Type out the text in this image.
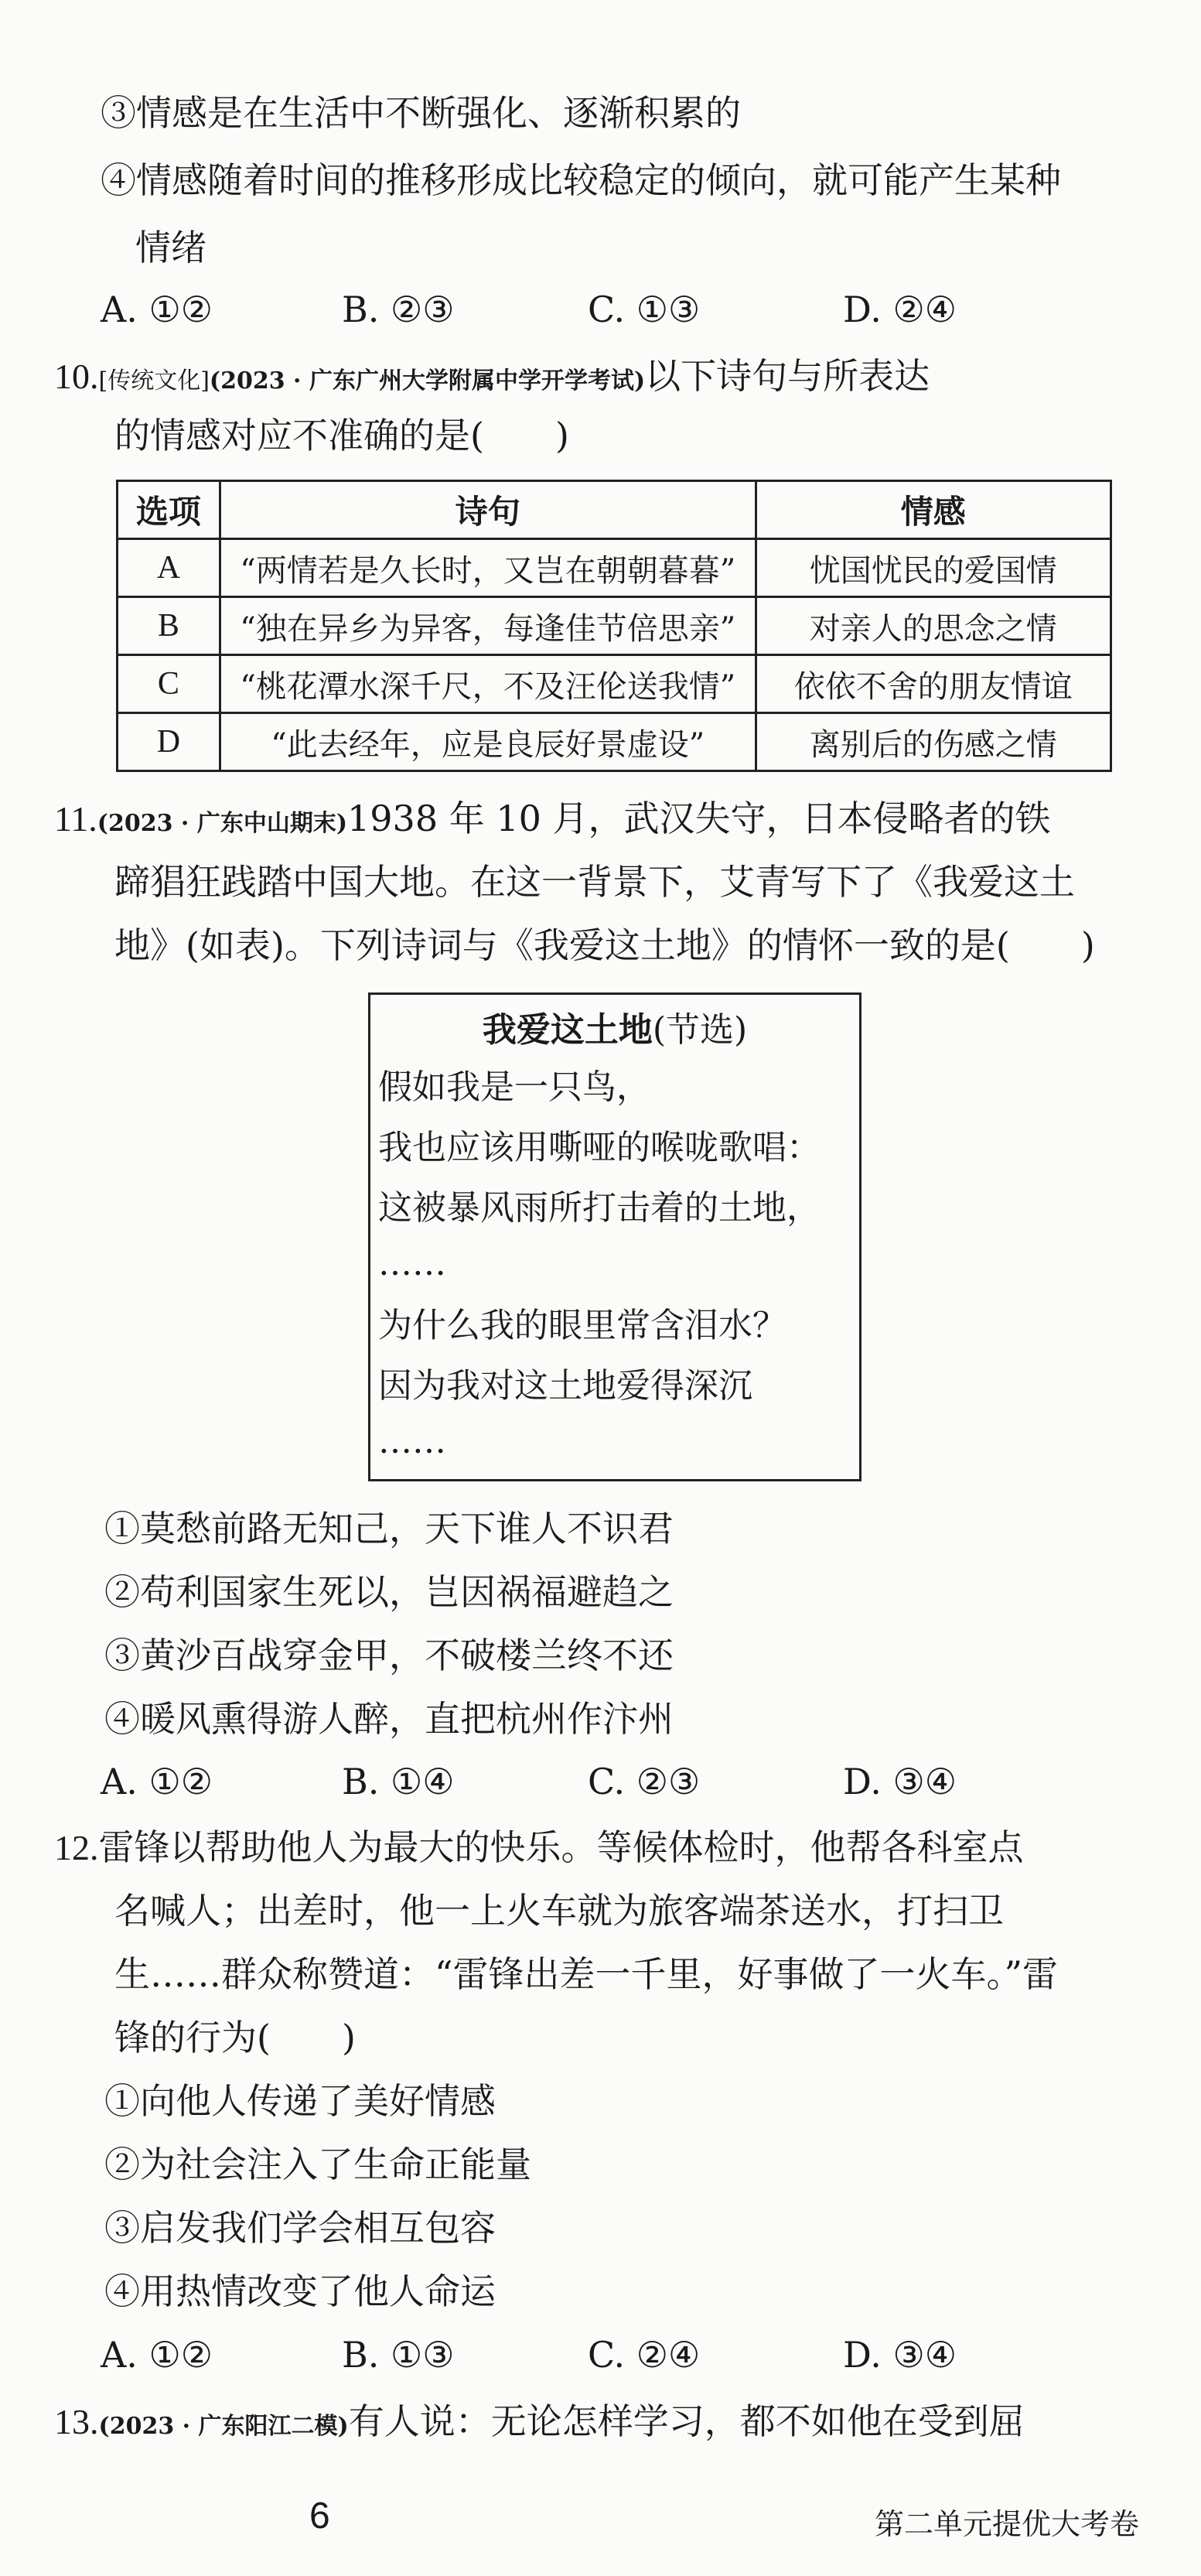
③情感是在生活中不断强化、逐渐积累的
④情感随着时间的推移形成比较稳定的倾向，就可能产生某种
情绪
A. ①②	B. ②③	C. ①③	D. ②④
10.[传统文化](2023 · 广东广州大学附属中学开学考试)以下诗句与所表达
的情感对应不准确的是(　　)
选项	诗句	情感
A	“两情若是久长时，又岂在朝朝暮暮”	忧国忧民的爱国情
B	“独在异乡为异客，每逢佳节倍思亲”	对亲人的思念之情
C	“桃花潭水深千尺，不及汪伦送我情”	依依不舍的朋友情谊
D	“此去经年，应是良辰好景虚设”	离别后的伤感之情
11.(2023 · 广东中山期末)1938 年 10 月，武汉失守，日本侵略者的铁
蹄猖狂践踏中国大地。在这一背景下，艾青写下了《我爱这土
地》(如表)。下列诗词与《我爱这土地》的情怀一致的是(　　)
我爱这土地(节选)
假如我是一只鸟，
我也应该用嘶哑的喉咙歌唱：
这被暴风雨所打击着的土地，
……
为什么我的眼里常含泪水？
因为我对这土地爱得深沉
……
①莫愁前路无知己，天下谁人不识君
②苟利国家生死以，岂因祸福避趋之
③黄沙百战穿金甲，不破楼兰终不还
④暖风熏得游人醉，直把杭州作汴州
A. ①②	B. ①④	C. ②③	D. ③④
12.雷锋以帮助他人为最大的快乐。等候体检时，他帮各科室点
名喊人；出差时，他一上火车就为旅客端茶送水，打扫卫
生……群众称赞道：“雷锋出差一千里，好事做了一火车。”雷
锋的行为(　　)
①向他人传递了美好情感
②为社会注入了生命正能量
③启发我们学会相互包容
④用热情改变了他人命运
A. ①②	B. ①③	C. ②④	D. ③④
13.(2023 · 广东阳江二模)有人说：无论怎样学习，都不如他在受到屈
6	第二单元提优大考卷
